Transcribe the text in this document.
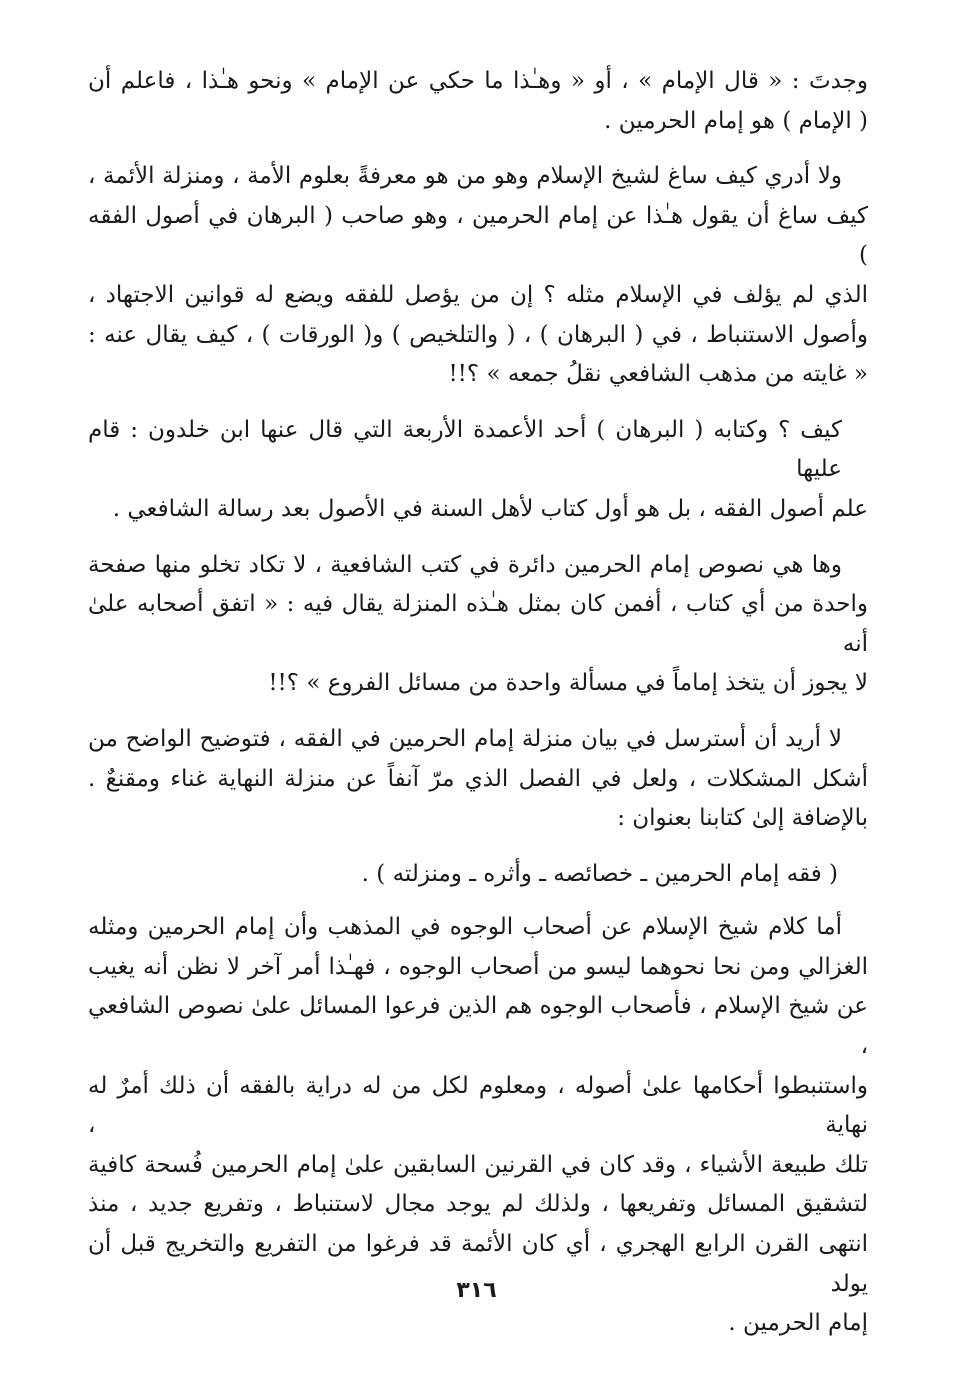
وجدتَ : « قال الإمام » ، أو « وهـٰذا ما حكي عن الإمام » ونحو هـٰذا ، فاعلم أن
( الإمام ) هو إمام الحرمين .

ولا أدري كيف ساغ لشيخ الإسلام وهو من هو معرفةً بعلوم الأمة ، ومنزلة الأئمة ،
كيف ساغ أن يقول هـٰذا عن إمام الحرمين ، وهو صاحب ( البرهان في أصول الفقه )
الذي لم يؤلف في الإسلام مثله ؟ إن من يؤصل للفقه ويضع له قوانين الاجتهاد ،
وأصول الاستنباط ، في ( البرهان ) ، ( والتلخيص ) و( الورقات ) ، كيف يقال عنه :
« غايته من مذهب الشافعي نقلُ جمعه » ؟!!

كيف ؟ وكتابه ( البرهان ) أحد الأعمدة الأربعة التي قال عنها ابن خلدون : قام عليها
علم أصول الفقه ، بل هو أول كتاب لأهل السنة في الأصول بعد رسالة الشافعي .

وها هي نصوص إمام الحرمين دائرة في كتب الشافعية ، لا تكاد تخلو منها صفحة
واحدة من أي كتاب ، أفمن كان بمثل هـٰذه المنزلة يقال فيه : « اتفق أصحابه علىٰ أنه
لا يجوز أن يتخذ إماماً في مسألة واحدة من مسائل الفروع » ؟!!

لا أريد أن أسترسل في بيان منزلة إمام الحرمين في الفقه ، فتوضيح الواضح من
أشكل المشكلات ، ولعل في الفصل الذي مرّ آنفاً عن منزلة النهاية غناء ومقنعٌ .
بالإضافة إلىٰ كتابنا بعنوان :

( فقه إمام الحرمين ـ خصائصه ـ وأثره ـ ومنزلته ) .

أما كلام شيخ الإسلام عن أصحاب الوجوه في المذهب وأن إمام الحرمين ومثله
الغزالي ومن نحا نحوهما ليسو من أصحاب الوجوه ، فهـٰذا أمر آخر لا نظن أنه يغيب
عن شيخ الإسلام ، فأصحاب الوجوه هم الذين فرعوا المسائل علىٰ نصوص الشافعي ،
واستنبطوا أحكامها علىٰ أصوله ، ومعلوم لكل من له دراية بالفقه أن ذلك أمرٌ له نهاية ،
تلك طبيعة الأشياء ، وقد كان في القرنين السابقين علىٰ إمام الحرمين فُسحة كافية
لتشقيق المسائل وتفريعها ، ولذلك لم يوجد مجال لاستنباط ، وتفريع جديد ، منذ
انتهى القرن الرابع الهجري ، أي كان الأئمة قد فرغوا من التفريع والتخريج قبل أن يولد
إمام الحرمين .

٣١٦
